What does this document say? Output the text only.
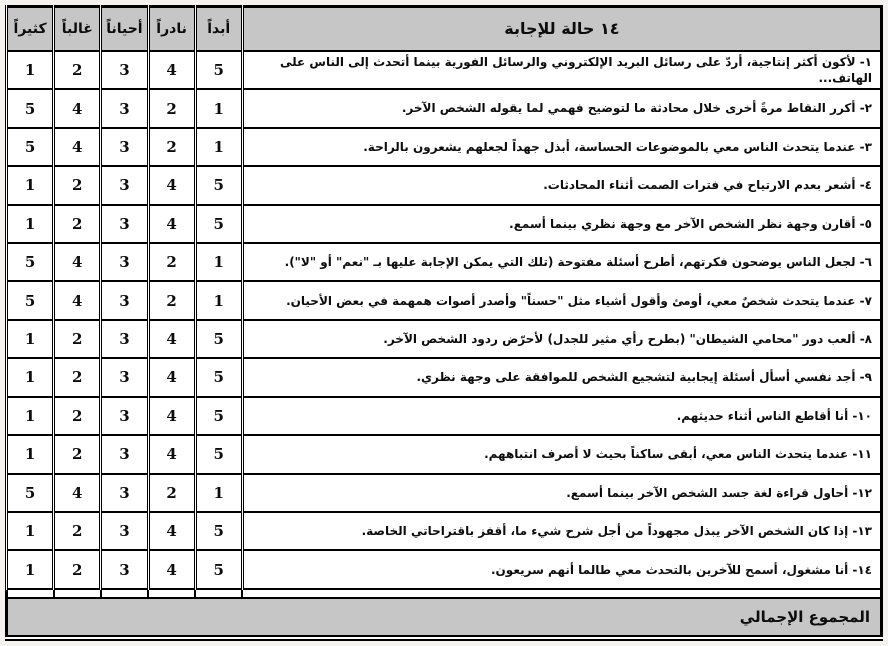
١٤ حالة للإجابة	أبداً	نادراً	أحياناً	غالباً	كثيراً
١- لأكون أكثر إنتاجية، أردّ على رسائل البريد الإلكتروني والرسائل الفورية بينما أتحدث إلى الناس على الهاتف...	5	4	3	2	1
٢- أكرر النقاط مرةً أخرى خلال محادثة ما لتوضيح فهمي لما يقوله الشخص الآخر.	1	2	3	4	5
٣- عندما يتحدث الناس معي بالموضوعات الحساسة، أبذل جهداً لجعلهم يشعرون بالراحة.	1	2	3	4	5
٤- أشعر بعدم الارتياح في فترات الصمت أثناء المحادثات.	5	4	3	2	1
٥- أقارن وجهة نظر الشخص الآخر مع وجهة نظري بينما أسمع.	5	4	3	2	1
٦- لجعل الناس يوضحون فكرتهم، أطرح أسئلة مفتوحة (تلك التي يمكن الإجابة عليها بـ "نعم" أو "لا").	1	2	3	4	5
٧- عندما يتحدث شخصٌ معي، أومئ وأقول أشياء مثل "حسناً" وأصدر أصوات همهمة في بعض الأحيان.	1	2	3	4	5
٨- ألعب دور "محامي الشيطان" (بطرح رأي مثير للجدل) لأحرّض ردود الشخص الآخر.	5	4	3	2	1
٩- أجد نفسي أسأل أسئلة إيجابية لتشجيع الشخص للموافقة على وجهة نظري.	5	4	3	2	1
١٠- أنا أقاطع الناس أثناء حديثهم.	5	4	3	2	1
١١- عندما يتحدث الناس معي، أبقى ساكناً بحيث لا أصرف انتباههم.	5	4	3	2	1
١٢- أحاول قراءة لغة جسد الشخص الآخر بينما أسمع.	1	2	3	4	5
١٣- إذا كان الشخص الآخر يبذل مجهوداً من أجل شرح شيء ما، أقفز باقتراحاتي الخاصة.	5	4	3	2	1
١٤- أنا مشغول، أسمح للآخرين بالتحدث معي طالما أنهم سريعون.	5	4	3	2	1

المجموع الإجمالي					
